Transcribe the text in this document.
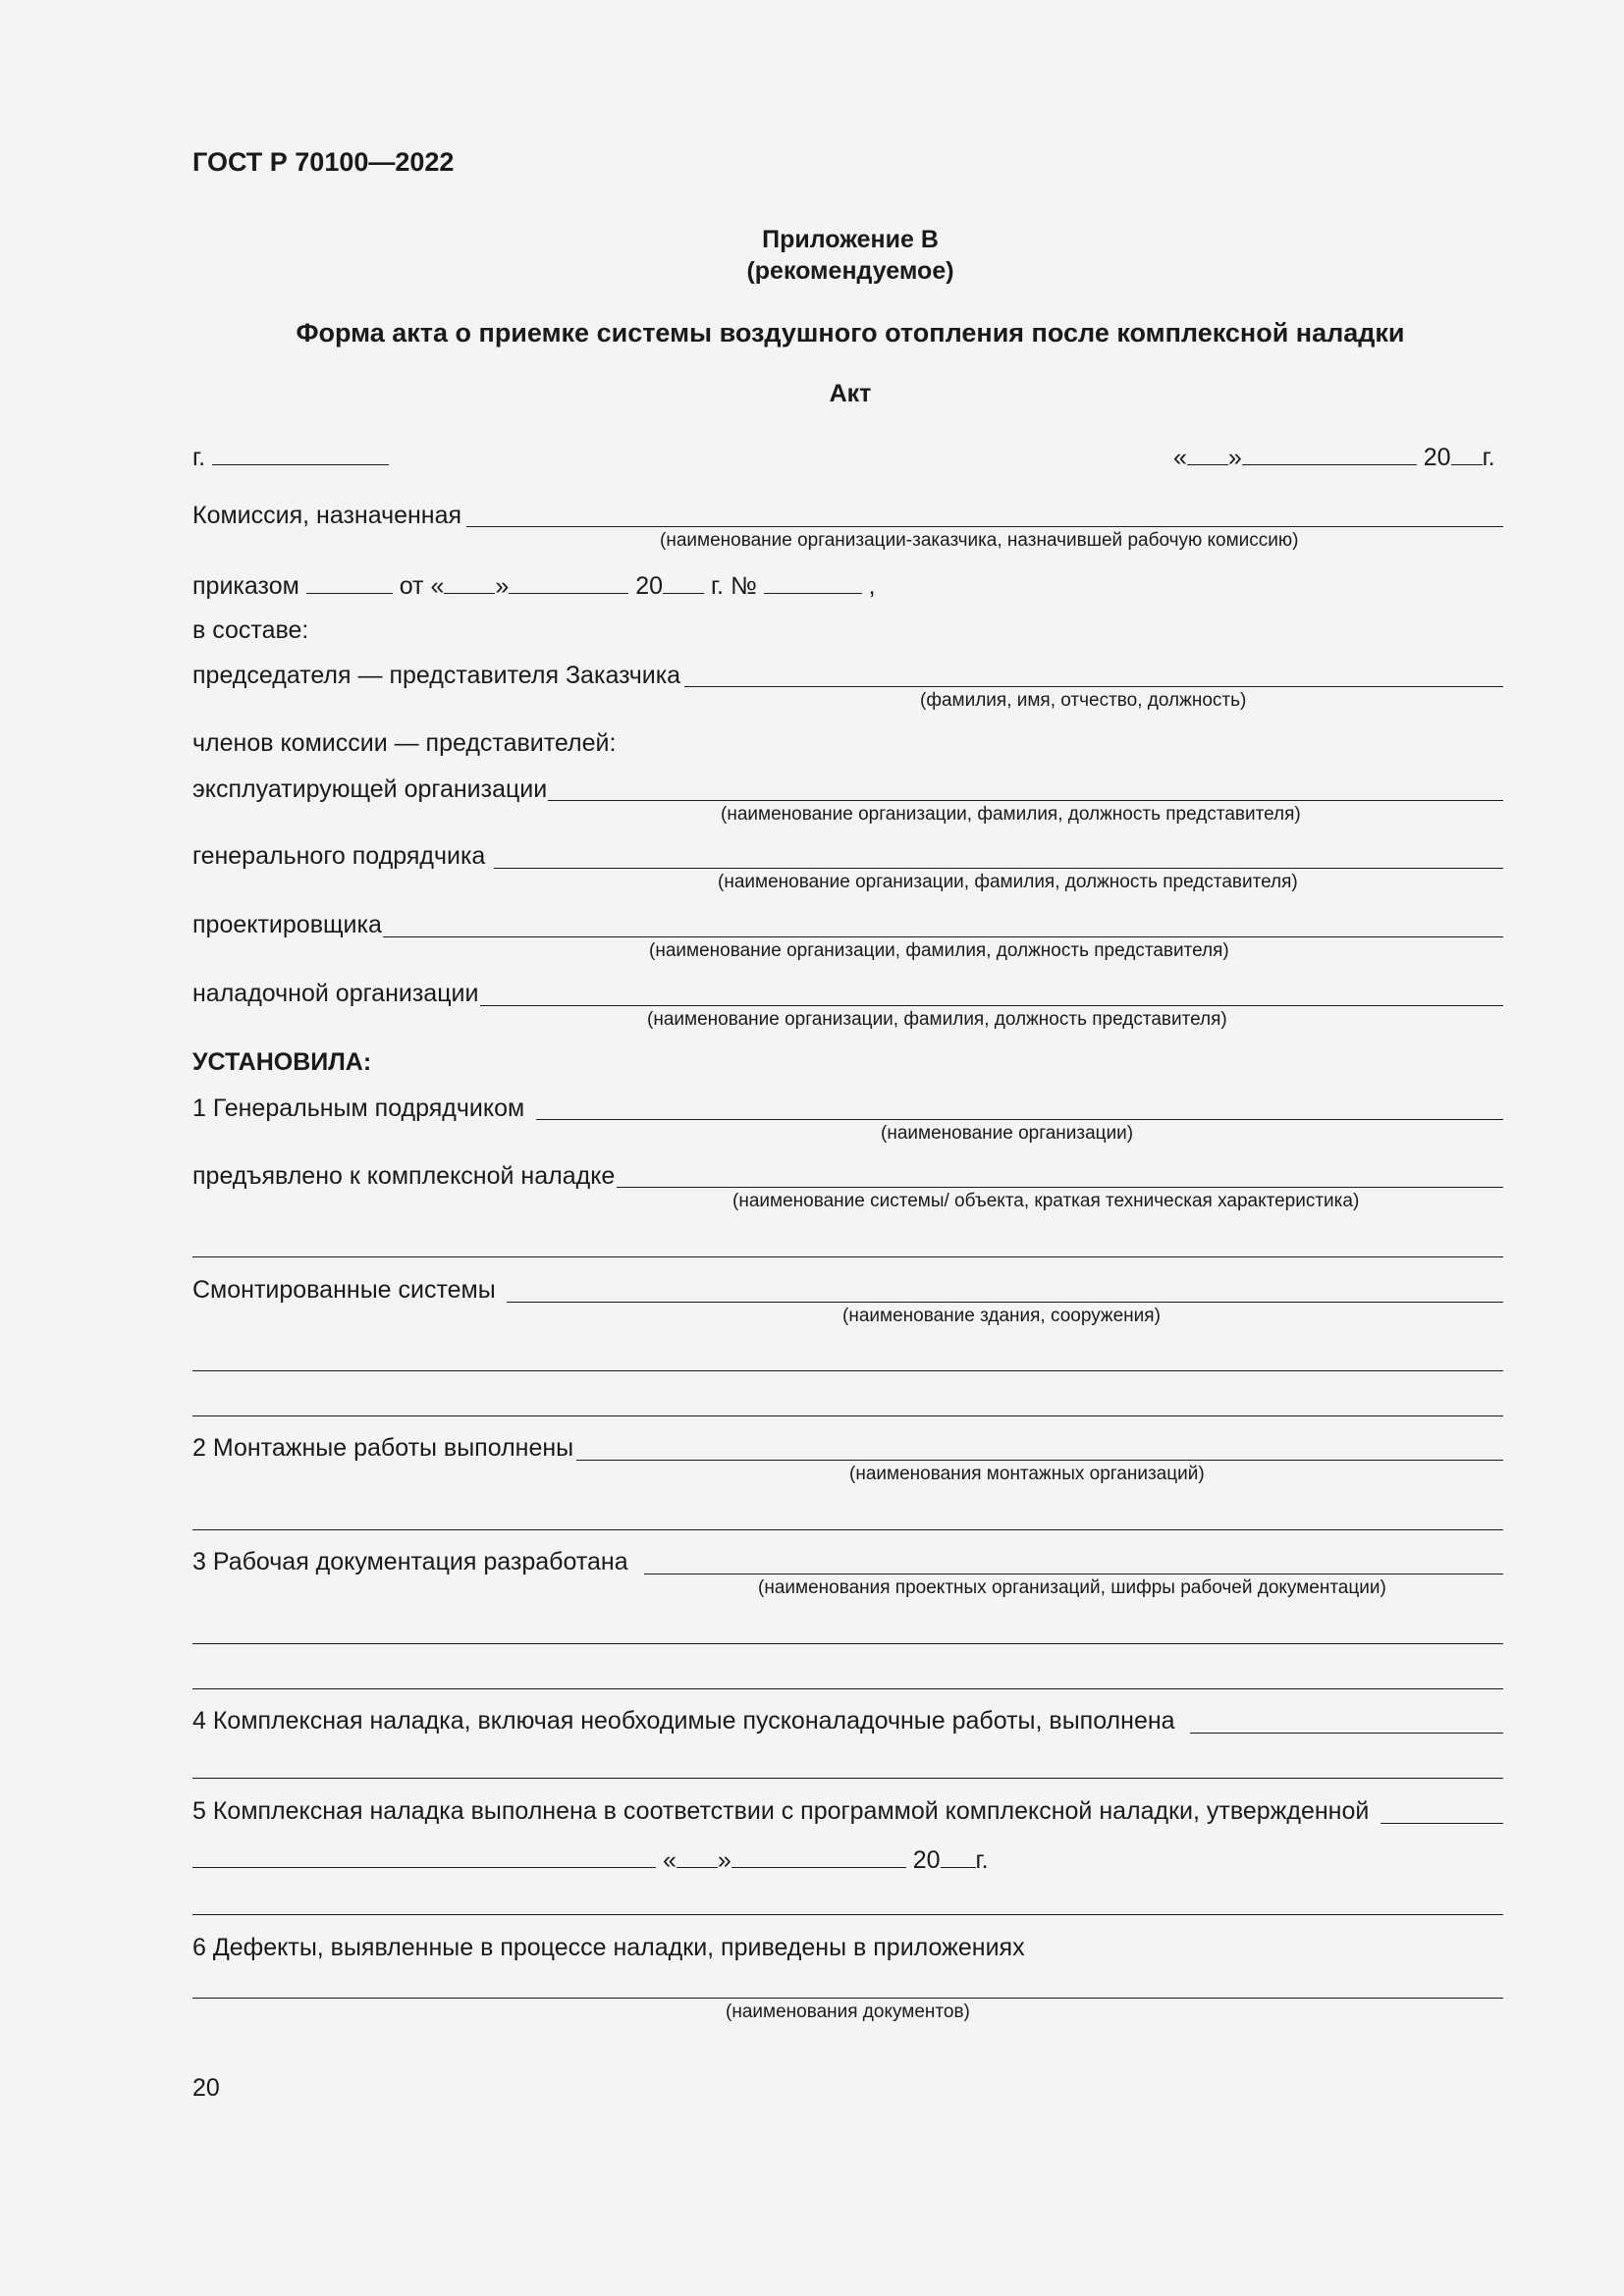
ГОСТ Р 70100—2022
Приложение В
(рекомендуемое)
Форма акта о приемке системы воздушного отопления после комплексной наладки
Акт
г.	« »	20 г.
Комиссия, назначенная
(наименование организации-заказчика, назначившей рабочую комиссию)
приказом	от « »	20 г. №	,
в составе:
председателя — представителя Заказчика
(фамилия, имя, отчество, должность)
членов комиссии — представителей:
эксплуатирующей организации
(наименование организации, фамилия, должность представителя)
генерального подрядчика
(наименование организации, фамилия, должность представителя)
проектировщика
(наименование организации, фамилия, должность представителя)
наладочной организации
(наименование организации, фамилия, должность представителя)
УСТАНОВИЛА:
1 Генеральным подрядчиком
(наименование организации)
предъявлено к комплексной наладке
(наименование системы/ объекта, краткая техническая характеристика)
Смонтированные системы
(наименование здания, сооружения)
2 Монтажные работы выполнены
(наименования монтажных организаций)
3 Рабочая документация разработана
(наименования проектных организаций, шифры рабочей документации)
4 Комплексная наладка, включая необходимые пусконаладочные работы, выполнена
5 Комплексная наладка выполнена в соответствии с программой комплексной наладки, утвержденной
« »	20 г.
6 Дефекты, выявленные в процессе наладки, приведены в приложениях
(наименования документов)
20
